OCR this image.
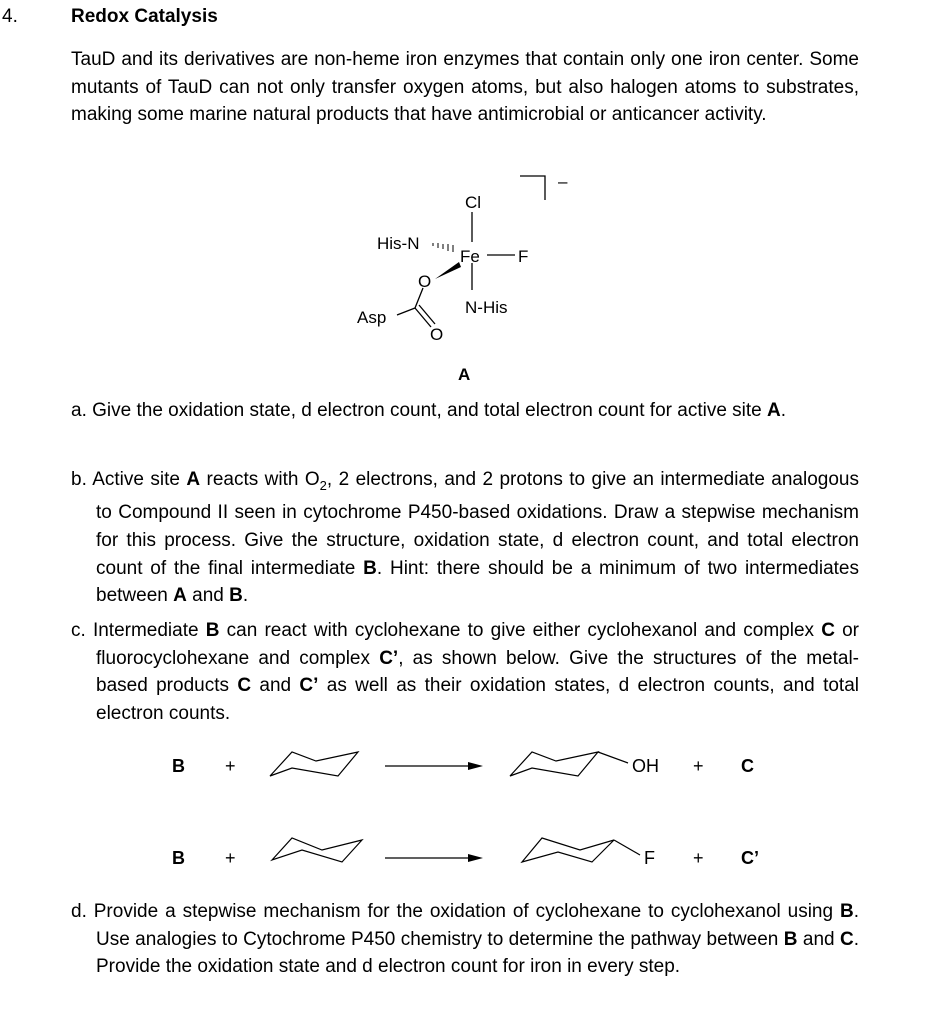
4.	Redox Catalysis

TauD and its derivatives are non-heme iron enzymes that contain only one iron center. Some mutants of TauD can not only transfer oxygen atoms, but also halogen atoms to substrates, making some marine natural products that have antimicrobial or anticancer activity.

Cl
His-N
Fe F
O
N-His
Asp
O
–
A
B +	OH + C
B +	F + C’

a. Give the oxidation state, d electron count, and total electron count for active site A.

b. Active site A reacts with $O_2$, 2 electrons, and 2 protons to give an intermediate analogous to Compound II seen in cytochrome P450-based oxidations. Draw a stepwise mechanism for this process. Give the structure, oxidation state, d electron count, and total electron count of the final intermediate B. Hint: there should be a minimum of two intermediates between A and B.

c. Intermediate B can react with cyclohexane to give either cyclohexanol and complex C or fluorocyclohexane and complex C’, as shown below. Give the structures of the metal-based products C and C’ as well as their oxidation states, d electron counts, and total electron counts.

d. Provide a stepwise mechanism for the oxidation of cyclohexane to cyclohexanol using B. Use analogies to Cytochrome P450 chemistry to determine the pathway between B and C. Provide the oxidation state and d electron count for iron in every step.
